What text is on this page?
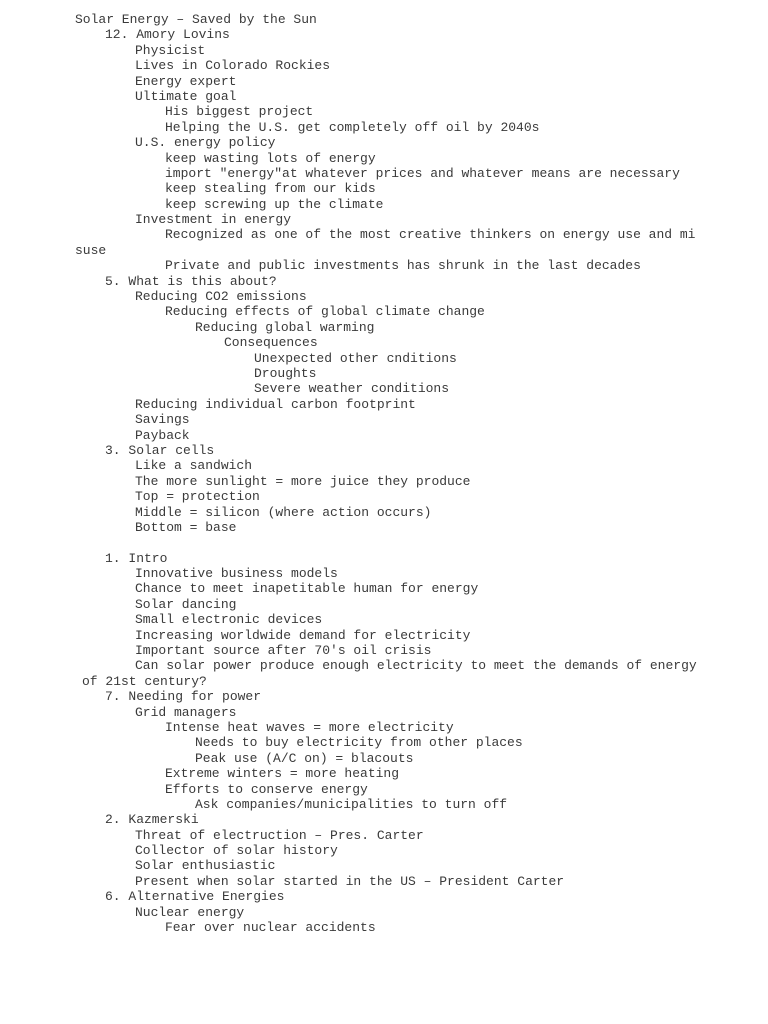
Solar Energy – Saved by the Sun
12. Amory Lovins
Physicist
Lives in Colorado Rockies
Energy expert
Ultimate goal
His biggest project
Helping the U.S. get completely off oil by 2040s
U.S. energy policy
keep wasting lots of energy
import "energy"at whatever prices and whatever means are necessary
keep stealing from our kids
keep screwing up the climate
Investment in energy
Recognized as one of the most creative thinkers on energy use and mi
suse
Private and public investments has shrunk in the last decades
5. What is this about?
Reducing CO2 emissions
Reducing effects of global climate change
Reducing global warming
Consequences
Unexpected other cnditions
Droughts
Severe weather conditions
Reducing individual carbon footprint
Savings
Payback
3. Solar cells
Like a sandwich
The more sunlight = more juice they produce
Top = protection
Middle = silicon (where action occurs)
Bottom = base
1. Intro
Innovative business models
Chance to meet inapetitable human for energy
Solar dancing
Small electronic devices
Increasing worldwide demand for electricity
Important source after 70's oil crisis
Can solar power produce enough electricity to meet the demands of energy
of 21st century?
7. Needing for power
Grid managers
Intense heat waves = more electricity
Needs to buy electricity from other places
Peak use (A/C on) = blacouts
Extreme winters = more heating
Efforts to conserve energy
Ask companies/municipalities to turn off
2. Kazmerski
Threat of electruction – Pres. Carter
Collector of solar history
Solar enthusiastic
Present when solar started in the US – President Carter
6. Alternative Energies
Nuclear energy
Fear over nuclear accidents
